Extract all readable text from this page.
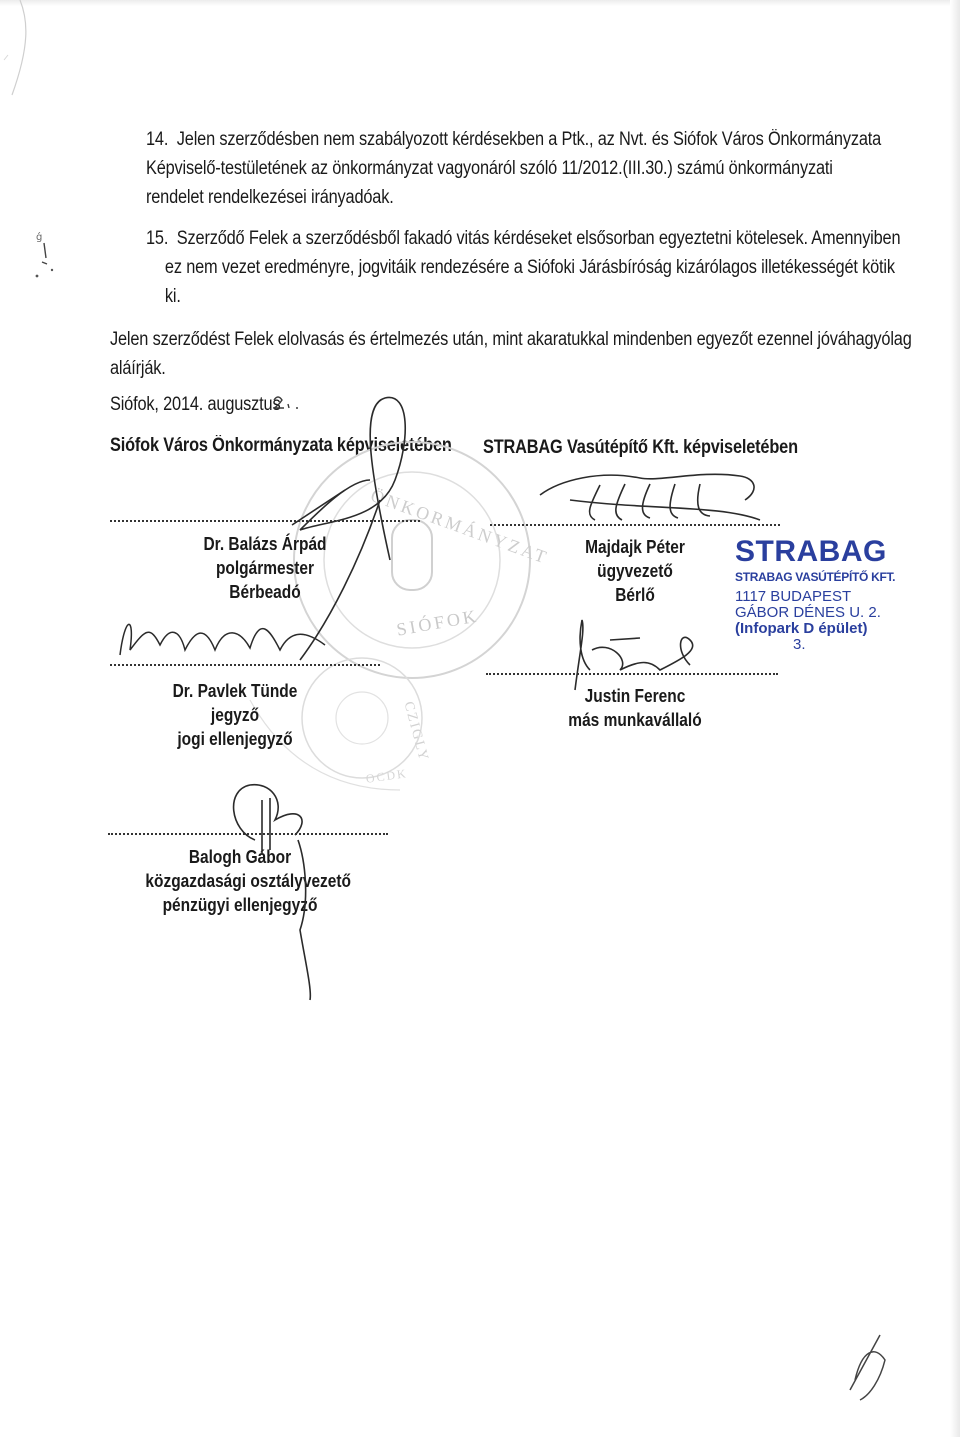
ǵ
14. Jelen szerződésben nem szabályozott kérdésekben a Ptk., az Nvt. és Siófok Város Önkormányzata
Képviselő-testületének az önkormányzat vagyonáról szóló 11/2012.(III.30.) számú önkormányzati
rendelet rendelkezései irányadóak.
15. Szerződő Felek a szerződésből fakadó vitás kérdéseket elsősorban egyeztetni kötelesek. Amennyiben
ez nem vezet eredményre, jogvitáik rendezésére a Siófoki Járásbíróság kizárólagos illetékességét kötik
ki.
Jelen szerződést Felek elolvasás és értelmezés után, mint akaratukkal mindenben egyezőt ezennel jóváhagyólag
aláírják.
Siófok, 2014. augusztus
Siófok Város Önkormányzata képviseletében STRABAG Vasútépítő Kft. képviseletében
ÖNKORMÁNYZAT
SIÓFOK
CZIGLY
OCDK
Dr. Balázs Árpád
polgármester
Bérbeadó
Majdajk Péter
ügyvezető
Bérlő
Dr. Pavlek Tünde
jegyző
jogi ellenjegyző
Justin Ferenc
más munkavállaló
Balogh Gábor
közgazdasági osztályvezető
pénzügyi ellenjegyző
STRABAG
STRABAG VASÚTÉPÍTŐ KFT.
1117 BUDAPEST
GÁBOR DÉNES U. 2.
(Infopark D épület)
3.
